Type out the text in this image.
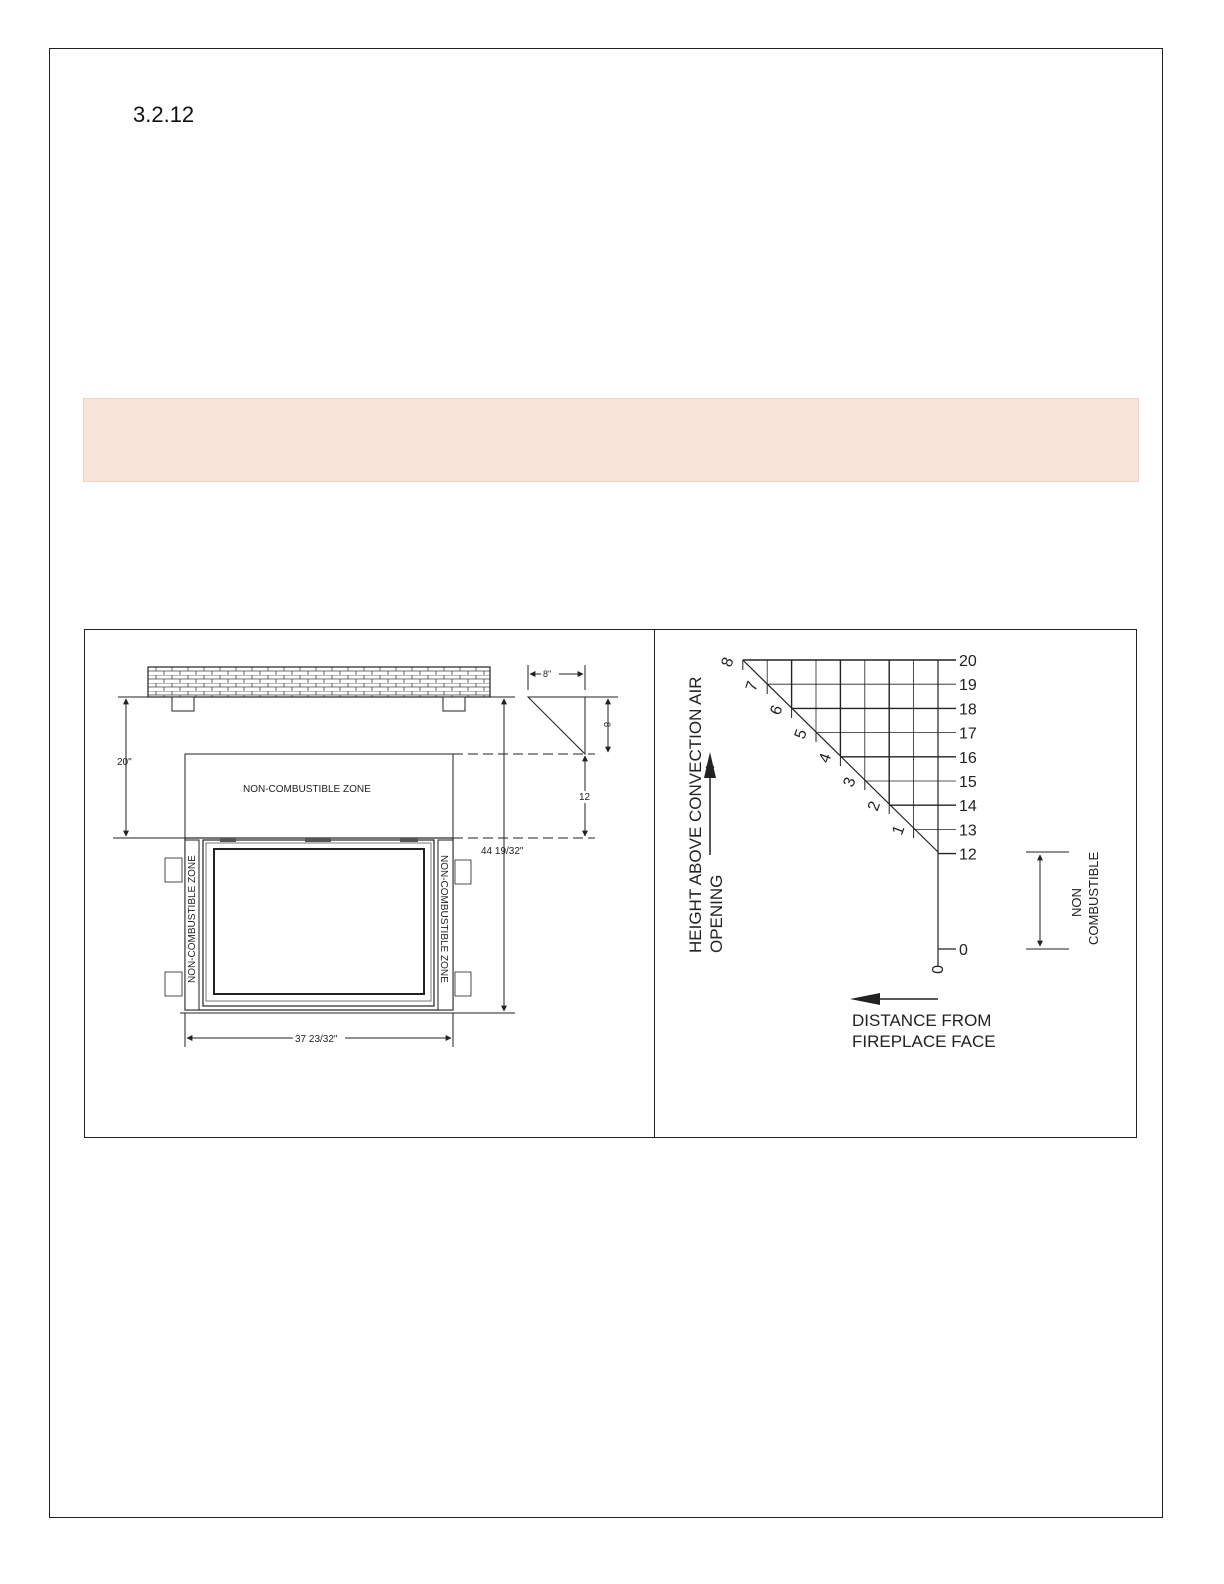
3.2.12
20"
NON-COMBUSTIBLE ZONE
NON-COMBUSTIBLE ZONE	NON-COMBUSTIBLE ZONE
44 19/32"
37 23/32"
8"
8
12
20
19
18
17
16
15
14
13
12
0
0
1
2
3
4
5
6
7
8
HEIGHT ABOVE CONVECTION AIR OPENING
DISTANCE FROM
FIREPLACE FACE
NON COMBUSTIBLE
